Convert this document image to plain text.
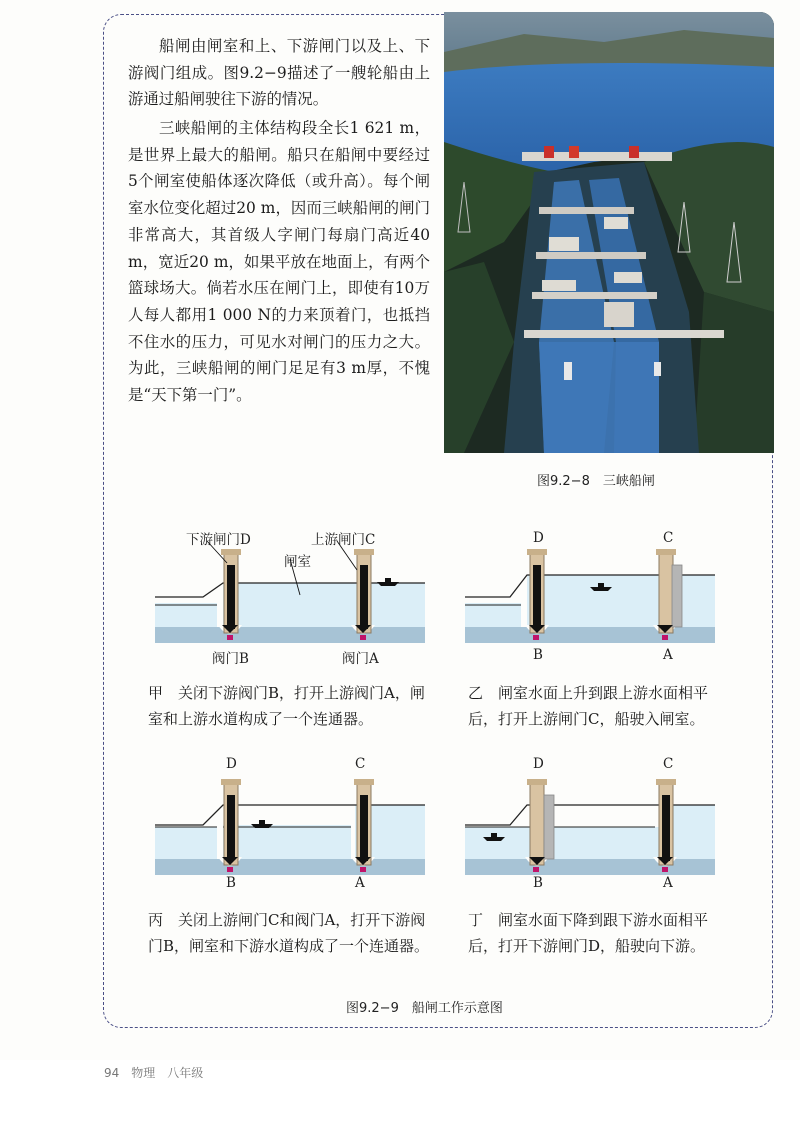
船闸由闸室和上、下游闸门以及上、下游阀门组成。图9.2−9描述了一艘轮船由上游通过船闸驶往下游的情况。

三峡船闸的主体结构段全长1 621 m，是世界上最大的船闸。船只在船闸中要经过5个闸室使船体逐次降低（或升高）。每个闸室水位变化超过20 m，因而三峡船闸的闸门非常高大，其首级人字闸门每扇门高近40 m，宽近20 m，如果平放在地面上，有两个篮球场大。倘若水压在闸门上，即使有10万人每人都用1 000 N的力来顶着门，也抵挡不住水的压力，可见水对闸门的压力之大。为此，三峡船闸的闸门足足有3 m厚，不愧是“天下第一门”。

图9.2−8　三峡船闸
下游闸门D	上游闸门C
闸室
阀门B	阀门A

甲　关闭下游阀门B，打开上游阀门A，闸室和上游水道构成了一个连通器。

D	C
B	A

乙　闸室水面上升到跟上游水面相平后，打开上游闸门C，船驶入闸室。

D	C
B	A

丙　关闭上游闸门C和阀门A，打开下游阀门B，闸室和下游水道构成了一个连通器。

D	C
B	A

丁　闸室水面下降到跟下游水面相平后，打开下游闸门D，船驶向下游。

图9.2−9　船闸工作示意图
94　物理　八年级
